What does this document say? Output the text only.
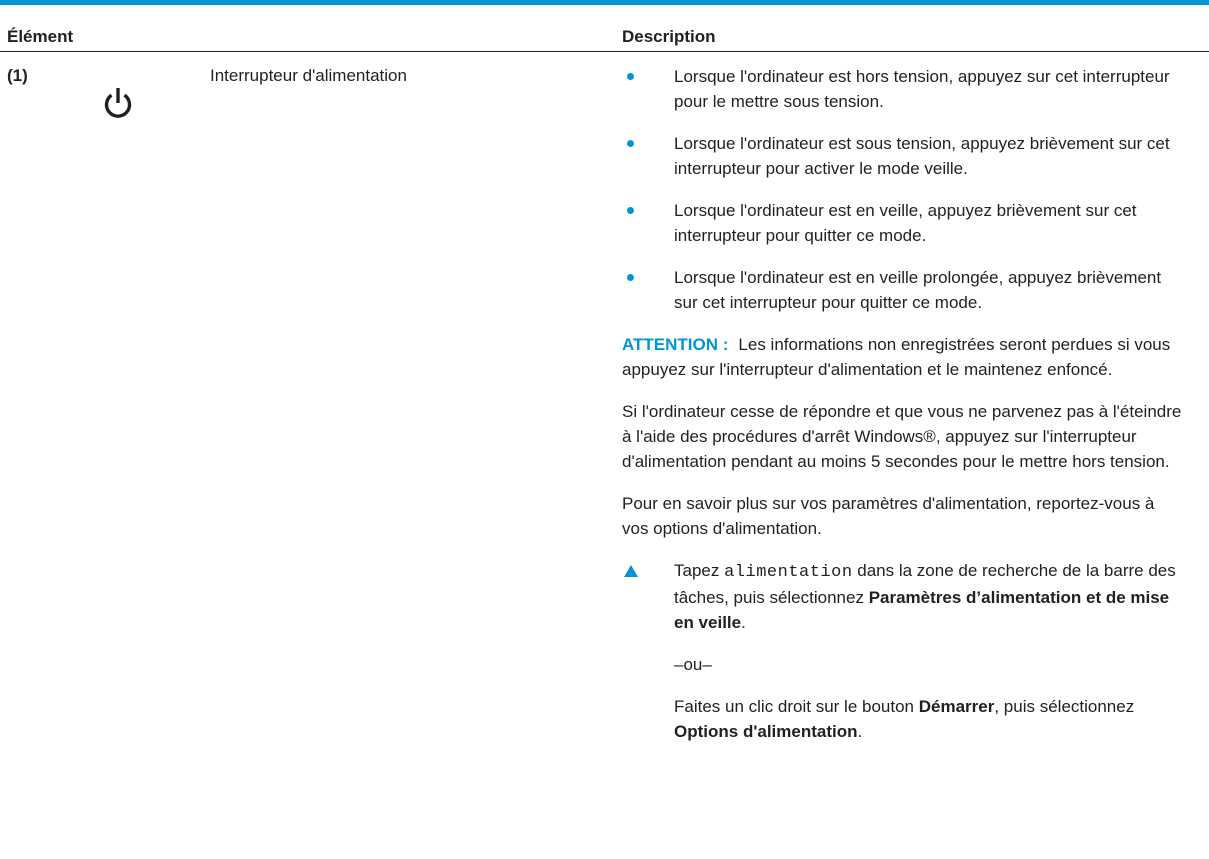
Élément	Description
(1)	Interrupteur d'alimentation	Lorsque l'ordinateur est hors tension, appuyez sur cet interrupteur pour le mettre sous tension.
Lorsque l'ordinateur est sous tension, appuyez brièvement sur cet interrupteur pour activer le mode veille.
Lorsque l'ordinateur est en veille, appuyez brièvement sur cet interrupteur pour quitter ce mode.
Lorsque l'ordinateur est en veille prolongée, appuyez brièvement sur cet interrupteur pour quitter ce mode.

ATTENTION : Les informations non enregistrées seront perdues si vous appuyez sur l'interrupteur d'alimentation et le maintenez enfoncé.

Si l'ordinateur cesse de répondre et que vous ne parvenez pas à l'éteindre à l'aide des procédures d'arrêt Windows®, appuyez sur l'interrupteur d'alimentation pendant au moins 5 secondes pour le mettre hors tension.

Pour en savoir plus sur vos paramètres d'alimentation, reportez-vous à vos options d'alimentation.

Tapez alimentation dans la zone de recherche de la barre des tâches, puis sélectionnez Paramètres d’alimentation et de mise en veille.

–ou–

Faites un clic droit sur le bouton Démarrer, puis sélectionnez Options d'alimentation.
